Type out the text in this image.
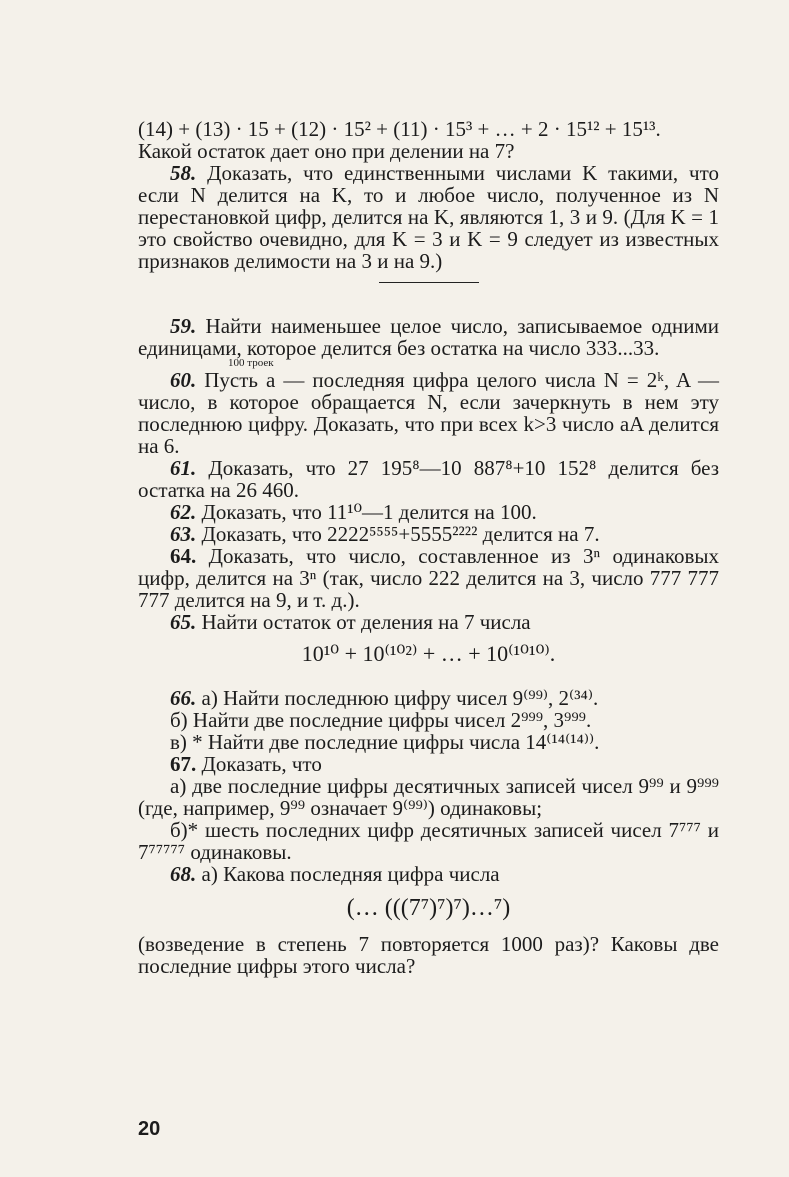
(14) + (13) · 15 + (12) · 15² + (11) · 15³ + … + 2 · 15¹² + 15¹³.

Какой остаток дает оно при делении на 7?

58. Доказать, что единственными числами K такими, что если N делится на K, то и любое число, полученное из N перестановкой цифр, делится на K, являются 1, 3 и 9. (Для K = 1 это свойство очевидно, для K = 3 и K = 9 следует из известных признаков делимости на 3 и на 9.)

59. Найти наименьшее целое число, записываемое одними единицами, которое делится без остатка на число 333...33.
100 троек

60. Пусть a — последняя цифра целого числа N = 2ᵏ, A — число, в которое обращается N, если зачеркнуть в нем эту последнюю цифру. Доказать, что при всех k>3 число aA делится на 6.

61. Доказать, что 27 195⁸—10 887⁸+10 152⁸ делится без остатка на 26 460.

62. Доказать, что 11¹⁰—1 делится на 100.

63. Доказать, что 2222⁵⁵⁵⁵+5555²²²² делится на 7.

64. Доказать, что число, составленное из 3ⁿ одинаковых цифр, делится на 3ⁿ (так, число 222 делится на 3, число 777 777 777 делится на 9, и т. д.).

65. Найти остаток от деления на 7 числа

10¹⁰ + 10⁽¹⁰²⁾ + … + 10⁽¹⁰¹⁰⁾.

66. а) Найти последнюю цифру чисел 9⁽⁹⁹⁾, 2⁽³⁴⁾.

б) Найти две последние цифры чисел 2⁹⁹⁹, 3⁹⁹⁹.

в) * Найти две последние цифры числа 14⁽¹⁴⁽¹⁴⁾⁾.

67. Доказать, что

а) две последние цифры десятичных записей чисел 9⁹⁹ и 9⁹⁹⁹ (где, например, 9⁹⁹ означает 9⁽⁹⁹⁾) одинаковы;

б)* шесть последних цифр десятичных записей чисел 7⁷⁷⁷ и 7⁷⁷⁷⁷⁷ одинаковы.

68. а) Какова последняя цифра числа

(… (((7⁷)⁷)⁷)…⁷)

(возведение в степень 7 повторяется 1000 раз)? Каковы две последние цифры этого числа?

20
